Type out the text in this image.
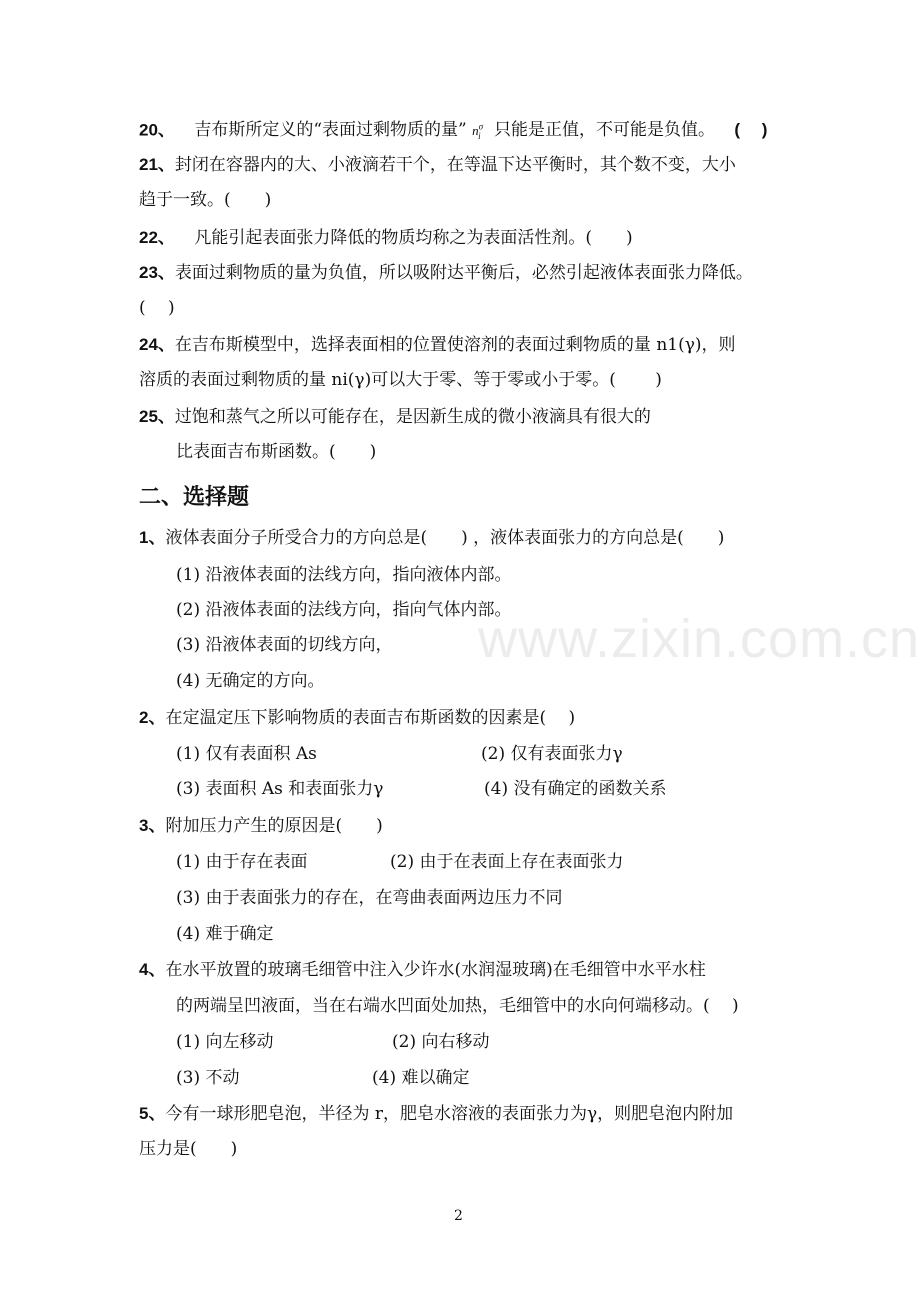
www.zixin.com.cn
20、 吉布斯所定义的“表面过剩物质的量” $n^\sigma_i$ 只能是正值，不可能是负值。 (　 )
21、封闭在容器内的大、小液滴若干个，在等温下达平衡时，其个数不变，大小
趋于一致。(　　)
22、 凡能引起表面张力降低的物质均称之为表面活性剂。(　　)
23、表面过剩物质的量为负值，所以吸附达平衡后，必然引起液体表面张力降低。
(　 )
24、在吉布斯模型中，选择表面相的位置使溶剂的表面过剩物质的量 n1(γ)，则
溶质的表面过剩物质的量 ni(γ)可以大于零、等于零或小于零。(　　 )
25、过饱和蒸气之所以可能存在，是因新生成的微小液滴具有很大的
比表面吉布斯函数。(　　)
二、选择题
1、液体表面分子所受合力的方向总是(　　) ，液体表面张力的方向总是(　　)
(1) 沿液体表面的法线方向，指向液体内部。
(2) 沿液体表面的法线方向，指向气体内部。
(3) 沿液体表面的切线方向，
(4) 无确定的方向。
2、在定温定压下影响物质的表面吉布斯函数的因素是(　 )
(1) 仅有表面积 As	(2) 仅有表面张力γ
(3) 表面积 As 和表面张力γ	(4) 没有确定的函数关系
3、附加压力产生的原因是(　　)
(1) 由于存在表面	(2) 由于在表面上存在表面张力
(3) 由于表面张力的存在，在弯曲表面两边压力不同
(4) 难于确定
4、在水平放置的玻璃毛细管中注入少许水(水润湿玻璃)在毛细管中水平水柱
的两端呈凹液面，当在右端水凹面处加热，毛细管中的水向何端移动。(　 )
(1) 向左移动	(2) 向右移动
(3) 不动	(4) 难以确定
5、今有一球形肥皂泡，半径为 r，肥皂水溶液的表面张力为γ，则肥皂泡内附加
压力是(　　)
2
